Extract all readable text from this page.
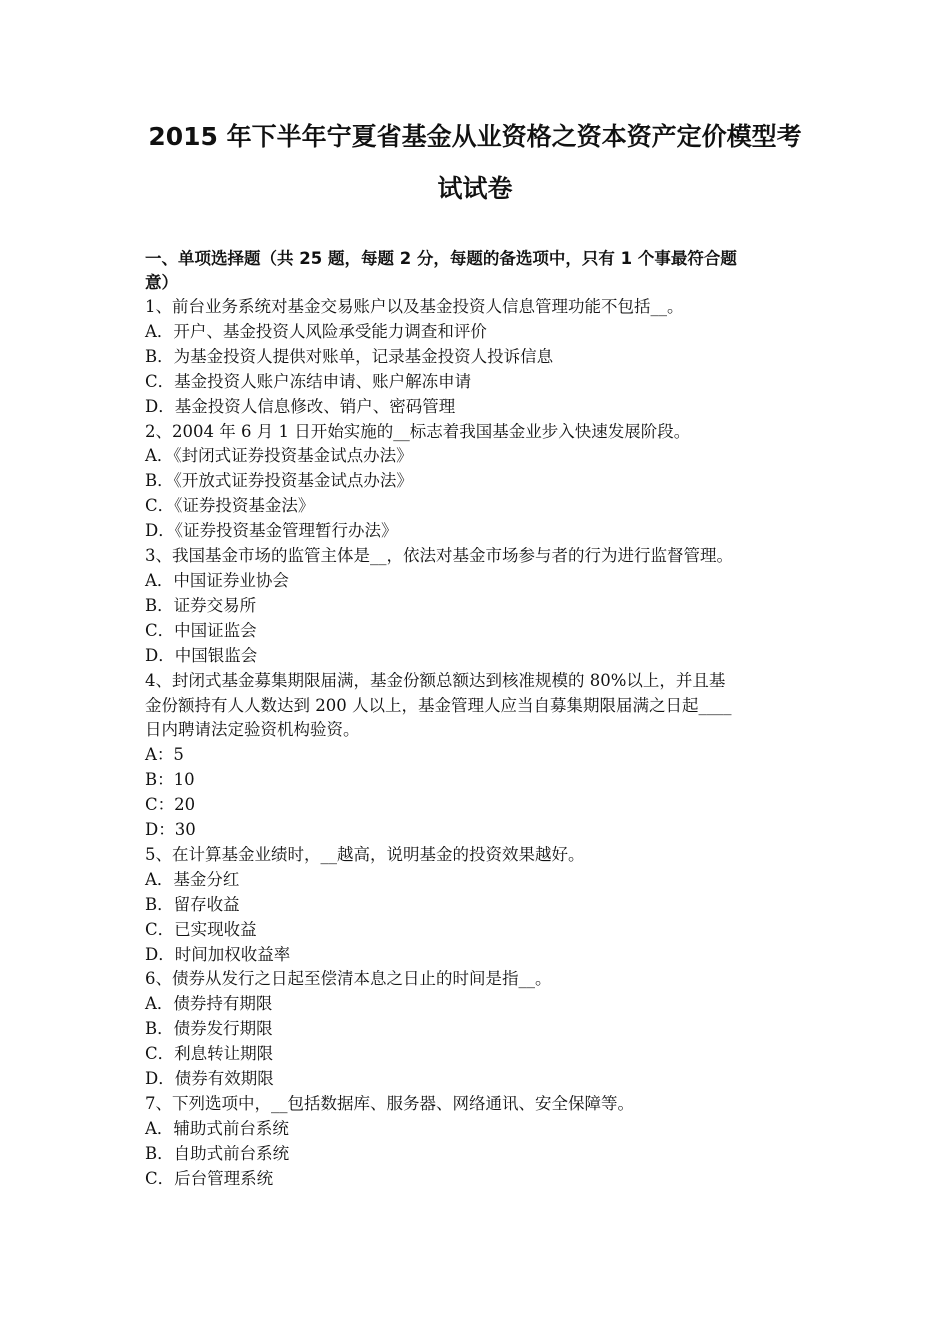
2015 年下半年宁夏省基金从业资格之资本资产定价模型考
试试卷
一、单项选择题（共 25 题，每题 2 分，每题的备选项中，只有 1 个事最符合题
意）
1、前台业务系统对基金交易账户以及基金投资人信息管理功能不包括__。
A．开户、基金投资人风险承受能力调查和评价
B．为基金投资人提供对账单，记录基金投资人投诉信息
C．基金投资人账户冻结申请、账户解冻申请
D．基金投资人信息修改、销户、密码管理
2、2004 年 6 月 1 日开始实施的__标志着我国基金业步入快速发展阶段。
A．《封闭式证券投资基金试点办法》
B．《开放式证券投资基金试点办法》
C．《证券投资基金法》
D．《证券投资基金管理暂行办法》
3、我国基金市场的监管主体是__，依法对基金市场参与者的行为进行监督管理。
A．中国证券业协会
B．证券交易所
C．中国证监会
D．中国银监会
4、封闭式基金募集期限届满，基金份额总额达到核准规模的 80%以上，并且基
金份额持有人人数达到 200 人以上，基金管理人应当自募集期限届满之日起____
日内聘请法定验资机构验资。
A：5
B：10
C：20
D：30
5、在计算基金业绩时，__越高，说明基金的投资效果越好。
A．基金分红
B．留存收益
C．已实现收益
D．时间加权收益率
6、债券从发行之日起至偿清本息之日止的时间是指__。
A．债券持有期限
B．债券发行期限
C．利息转让期限
D．债券有效期限
7、下列选项中，__包括数据库、服务器、网络通讯、安全保障等。
A．辅助式前台系统
B．自助式前台系统
C．后台管理系统
